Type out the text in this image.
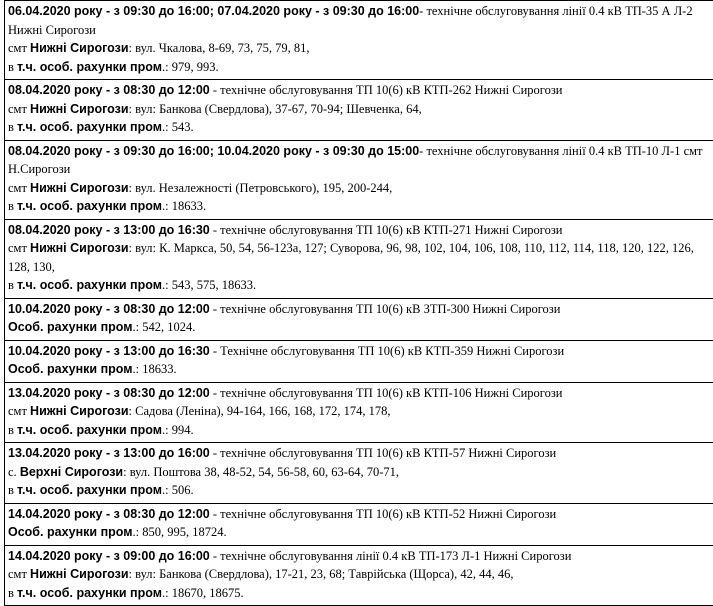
06.04.2020 року - з 09:30 до 16:00; 07.04.2020 року - з 09:30 до 16:00- технічне обслуговування лінії 0.4 кВ ТП-35 А Л-2 Нижні Сирогози
смт Нижні Сирогози: вул. Чкалова, 8-69, 73, 75, 79, 81,
в т.ч. особ. рахунки пром.: 979, 993.
08.04.2020 року - з 08:30 до 12:00 - технічне обслуговування ТП 10(6) кВ КТП-262 Нижні Сирогози
смт Нижні Сирогози: вул: Банкова (Свердлова), 37-67, 70-94; Шевченка, 64,
в т.ч. особ. рахунки пром.: 543.
08.04.2020 року - з 09:30 до 16:00; 10.04.2020 року - з 09:30 до 15:00- технічне обслуговування лінії 0.4 кВ ТП-10 Л-1 смт Н.Сирогози
смт Нижні Сирогози: вул. Незалежності (Петровського), 195, 200-244,
в т.ч. особ. рахунки пром.: 18633.
08.04.2020 року - з 13:00 до 16:30 - технічне обслуговування ТП 10(6) кВ КТП-271 Нижні Сирогози
смт Нижні Сирогози: вул: К. Маркса, 50, 54, 56-123а, 127; Суворова, 96, 98, 102, 104, 106, 108, 110, 112, 114, 118, 120, 122, 126, 128, 130,
в т.ч. особ. рахунки пром.: 543, 575, 18633.
10.04.2020 року - з 08:30 до 12:00 - технічне обслуговування ТП 10(6) кВ ЗТП-300 Нижні Сирогози
Особ. рахунки пром.: 542, 1024.
10.04.2020 року - з 13:00 до 16:30 - Технічне обслуговування ТП 10(6) кВ КТП-359 Нижні Сирогози
Особ. рахунки пром.: 18633.
13.04.2020 року - з 08:30 до 12:00 - технічне обслуговування ТП 10(6) кВ КТП-106 Нижні Сирогози
смт Нижні Сирогози: Садова (Леніна), 94-164, 166, 168, 172, 174, 178,
в т.ч. особ. рахунки пром.: 994.
13.04.2020 року - з 13:00 до 16:00 - технічне обслуговування ТП 10(6) кВ КТП-57 Нижні Сирогози
с. Верхні Сирогози: вул. Поштова 38, 48-52, 54, 56-58, 60, 63-64, 70-71,
в т.ч. особ. рахунки пром.: 506.
14.04.2020 року - з 08:30 до 12:00 - технічне обслуговування ТП 10(6) кВ КТП-52 Нижні Сирогози
Особ. рахунки пром.: 850, 995, 18724.
14.04.2020 року - з 09:00 до 16:00 - технічне обслуговування лінії 0.4 кВ ТП-173 Л-1 Нижні Сирогози
смт Нижні Сирогози: вул: Банкова (Свердлова), 17-21, 23, 68; Таврійська (Щорса), 42, 44, 46,
в т.ч. особ. рахунки пром.: 18670, 18675.
